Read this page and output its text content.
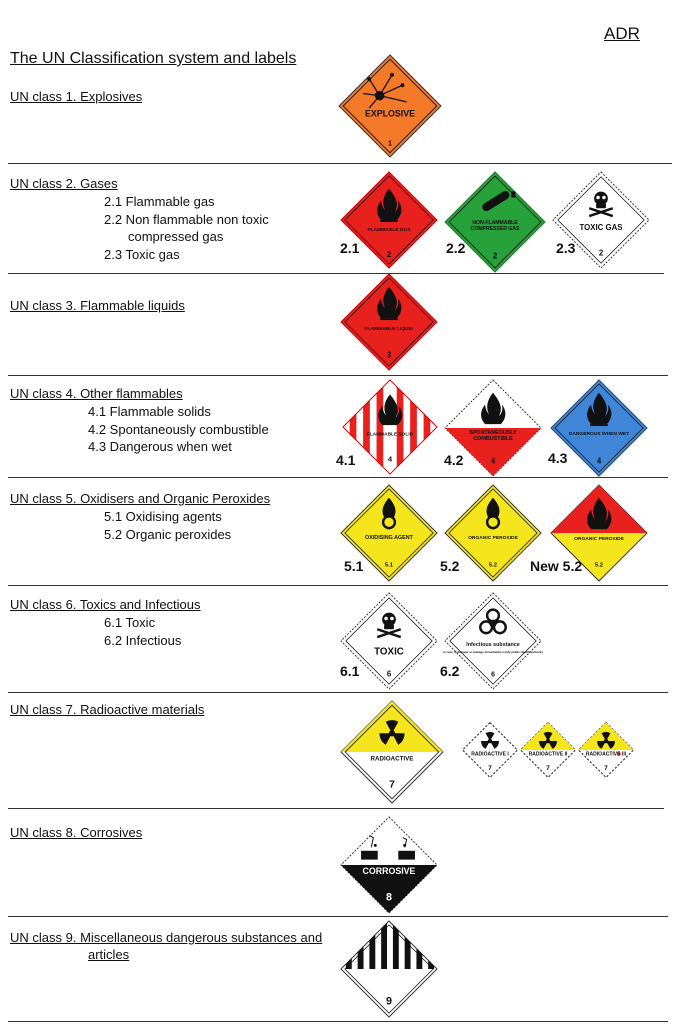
ADR
The UN Classification system and labels
UN class 1. Explosives
UN class 2. Gases
2.1 Flammable gas
2.2 Non flammable non toxic
compressed gas
2.3 Toxic gas
UN class 3. Flammable liquids
UN class 4. Other flammables
4.1 Flammable solids
4.2 Spontaneously combustible
4.3 Dangerous when wet
UN class 5. Oxidisers and Organic Peroxides
5.1 Oxidising agents
5.2 Organic peroxides
UN class 6. Toxics and Infectious
6.1 Toxic
6.2 Infectious
UN class 7. Radioactive materials
UN class 8. Corrosives
UN class 9. Miscellaneous dangerous substances and
articles
EXPLOSIVE
1
FLAMMABLE GAS
2
2.1
NON-FLAMMABLE
COMPRESSED GAS
2
2.2
TOXIC GAS
2
2.3
FLAMMABLE LIQUID
3
FLAMMABLE SOLID
4
4.1
SPONTANEOUSLY
COMBUSTIBLE
4
4.2
DANGEROUS WHEN WET
4
4.3
OXIDISING AGENT
5.1
5.1
ORGANIC PEROXIDE
5.2
5.2
ORGANIC PEROXIDE
5.2
New 5.2
TOXIC
6
6.1
Infectious substance
in case of damage or leakage immediately notify public Health authority
6
6.2
RADIOACTIVE
7
RADIOACTIVE I
7
RADIOACTIVE II
7
RADIOACTIVE III
7
CORROSIVE
8
9
